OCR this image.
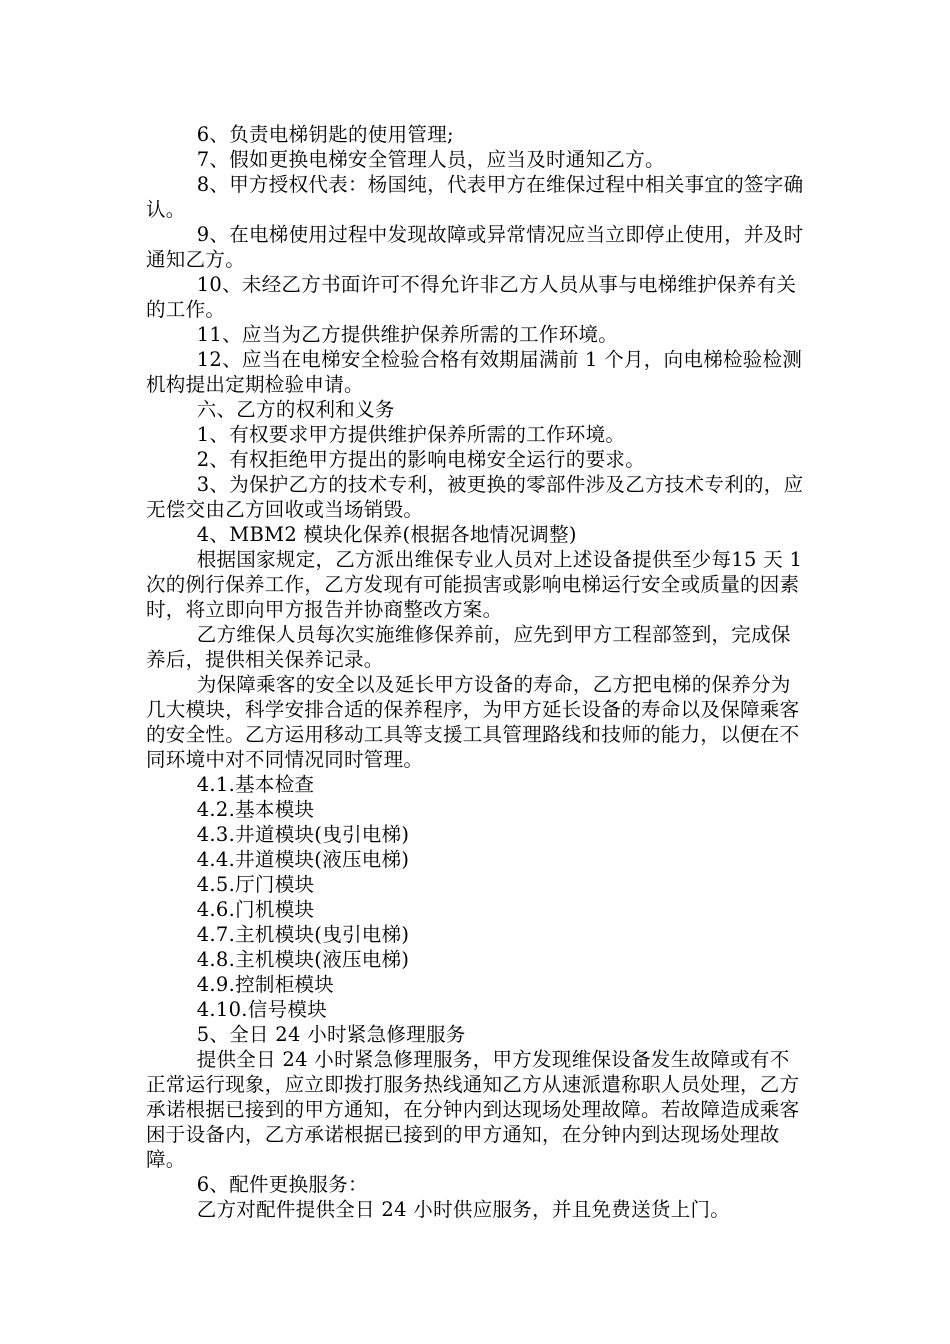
6、负责电梯钥匙的使用管理;

7、假如更换电梯安全管理人员，应当及时通知乙方。

8、甲方授权代表：杨国纯，代表甲方在维保过程中相关事宜的签字确认。

9、在电梯使用过程中发现故障或异常情况应当立即停止使用，并及时通知乙方。

10、未经乙方书面许可不得允许非乙方人员从事与电梯维护保养有关的工作。

11、应当为乙方提供维护保养所需的工作环境。

12、应当在电梯安全检验合格有效期届满前 1 个月，向电梯检验检测机构提出定期检验申请。

六、乙方的权利和义务

1、有权要求甲方提供维护保养所需的工作环境。

2、有权拒绝甲方提出的影响电梯安全运行的要求。

3、为保护乙方的技术专利，被更换的零部件涉及乙方技术专利的，应无偿交由乙方回收或当场销毁。

4、MBM2 模块化保养(根据各地情况调整)

根据国家规定，乙方派出维保专业人员对上述设备提供至少每15 天 1 次的例行保养工作，乙方发现有可能损害或影响电梯运行安全或质量的因素时，将立即向甲方报告并协商整改方案。

乙方维保人员每次实施维修保养前，应先到甲方工程部签到，完成保养后，提供相关保养记录。

为保障乘客的安全以及延长甲方设备的寿命，乙方把电梯的保养分为几大模块，科学安排合适的保养程序，为甲方延长设备的寿命以及保障乘客的安全性。乙方运用移动工具等支援工具管理路线和技师的能力，以便在不同环境中对不同情况同时管理。

4.1.基本检查

4.2.基本模块

4.3.井道模块(曳引电梯)

4.4.井道模块(液压电梯)

4.5.厅门模块

4.6.门机模块

4.7.主机模块(曳引电梯)

4.8.主机模块(液压电梯)

4.9.控制柜模块

4.10.信号模块

5、全日 24 小时紧急修理服务

提供全日 24 小时紧急修理服务，甲方发现维保设备发生故障或有不正常运行现象，应立即拨打服务热线通知乙方从速派遣称职人员处理，乙方承诺根据已接到的甲方通知，在分钟内到达现场处理故障。若故障造成乘客困于设备内，乙方承诺根据已接到的甲方通知，在分钟内到达现场处理故障。

6、配件更换服务：

乙方对配件提供全日 24 小时供应服务，并且免费送货上门。
